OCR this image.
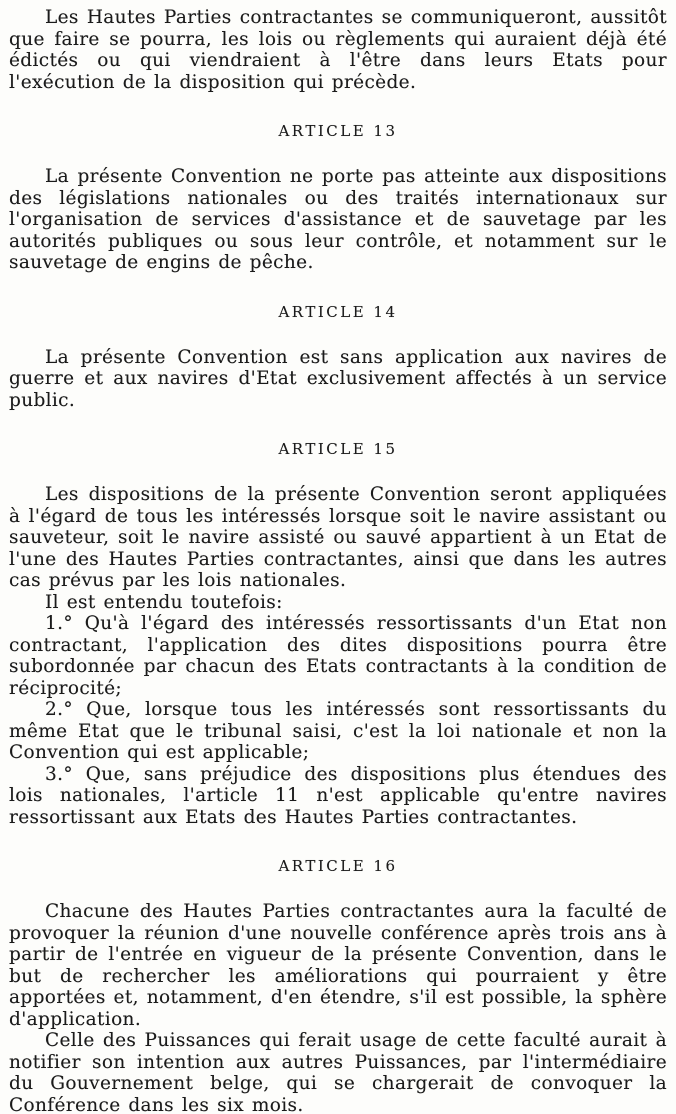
Les Hautes Parties contractantes se communiqueront, aussitôt que faire se pourra, les lois ou règlements qui auraient déjà été édictés ou qui viendraient à l'être dans leurs Etats pour l'exécution de la disposition qui précède.

ARTICLE 13

La présente Convention ne porte pas atteinte aux dispositions des législations nationales ou des traités internationaux sur l'organisation de services d'assistance et de sauvetage par les autorités publiques ou sous leur contrôle, et notamment sur le sauvetage de engins de pêche.

ARTICLE 14

La présente Convention est sans application aux navires de guerre et aux navires d'Etat exclusivement affectés à un service public.

ARTICLE 15

Les dispositions de la présente Convention seront appliquées à l'égard de tous les intéressés lorsque soit le navire assistant ou sauveteur, soit le navire assisté ou sauvé appartient à un Etat de l'une des Hautes Parties contractantes, ainsi que dans les autres cas prévus par les lois nationales.

Il est entendu toutefois:

1.° Qu'à l'égard des intéressés ressortissants d'un Etat non contractant, l'application des dites dispositions pourra être subordonnée par chacun des Etats contractants à la condition de réciprocité;

2.° Que, lorsque tous les intéressés sont ressortissants du même Etat que le tribunal saisi, c'est la loi nationale et non la Convention qui est applicable;

3.° Que, sans préjudice des dispositions plus étendues des lois nationales, l'article 11 n'est applicable qu'entre navires ressortissant aux Etats des Hautes Parties contractantes.

ARTICLE 16

Chacune des Hautes Parties contractantes aura la faculté de provoquer la réunion d'une nouvelle conférence après trois ans à partir de l'entrée en vigueur de la présente Convention, dans le but de rechercher les améliorations qui pourraient y être apportées et, notamment, d'en étendre, s'il est possible, la sphère d'application.

Celle des Puissances qui ferait usage de cette faculté aurait à notifier son intention aux autres Puissances, par l'intermédiaire du Gouvernement belge, qui se chargerait de convoquer la Conférence dans les six mois.
